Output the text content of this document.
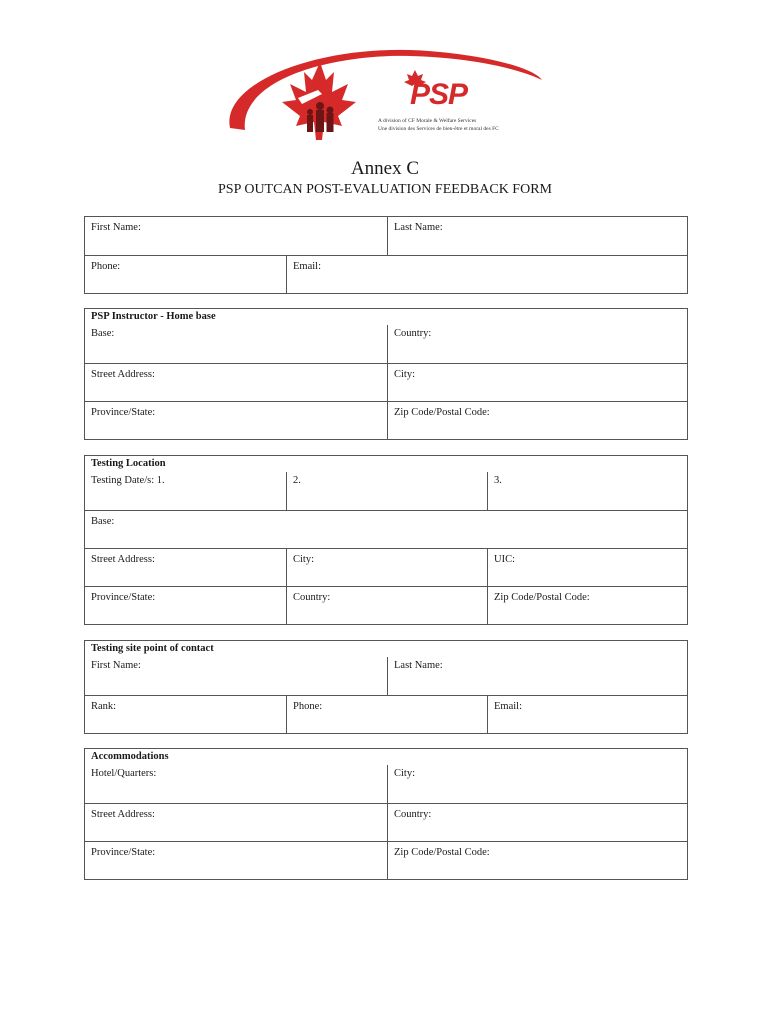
PSP
A division of CF Morale & Welfare Services
Une division des Services de bien-être et moral des FC
Annex C
PSP OUTCAN POST-EVALUATION FEEDBACK FORM
First Name:	Last Name:
Phone:	Email:
PSP Instructor - Home base
Base:	Country:
Street Address:	City:
Province/State:	Zip Code/Postal Code:
Testing Location
Testing Date/s: 1.	2.	3.
Base:
Street Address:	City:	UIC:
Province/State:	Country:	Zip Code/Postal Code:
Testing site point of contact
First Name:	Last Name:
Rank:	Phone:	Email:
Accommodations
Hotel/Quarters:	City:
Street Address:	Country:
Province/State:	Zip Code/Postal Code:
